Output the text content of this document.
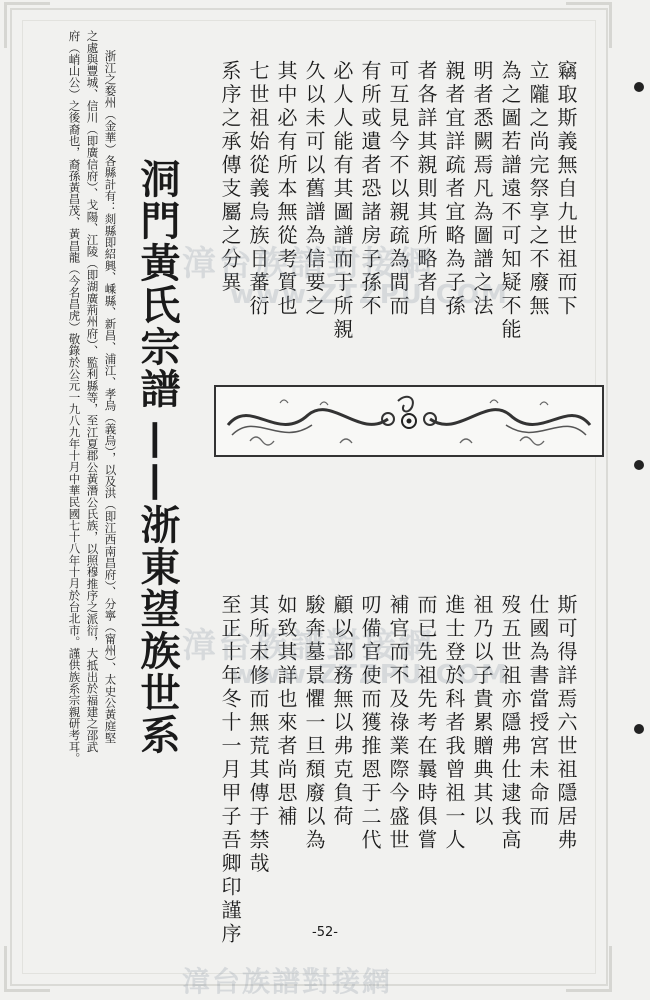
竊取斯義無自九世祖而下
立隴之尚完祭享之不廢無
為之圖若譜遠不可知疑不能
明者悉闕焉凡為圖譜之法
親者宜詳疏者宜略為子孫
者各詳其親則其所略者自
可互見今不以親疏為間而
有所或遺者恐諸房子孫不
必人人能有其圖譜而于所親
久以未可以舊譜為信要之
其中必有所本無從考質也
七世祖始從義烏族日蕃衍
系序之承傳支屬之分異
斯可得詳焉六世祖隱居弗
仕國為書當授宮未命而
歿五世祖亦隱弗仕逮我高
祖乃以子貴累贈典其以
進士登於科者我曾祖一人
而已先祖先考在曩時俱嘗
補官而不及祿業際今盛世
叨備官使而獲推恩于二代
顧以部務無以弗克負荷
駿奔墓景懼一旦頹廢以為
如致其詳也來者尚思補
其所未修而無荒其傳于禁哉
至正十年冬十一月甲子吾卿印謹序
洞門黃氏宗譜
——浙東望族世系
浙江之婺州（金華）各縣計有：剡縣即紹興、嵊縣、新昌、浦江、孝烏（義烏），以及洪（即江西南昌府）、分寧（甯州）、太史公黃庭堅
之處與豐城、信川（即廣信府）、戈陽、江陵（即湖廣荊州府）、監利縣等，至江夏郡公黃潛公氏族，以照穆推序之派衍，大抵出於福建之邵武
府（峭山公）之後裔也，裔孫黃昌茂、黃昌龍（今名昌虎）敬錄於公元一九八九年十月中華民國七十八年十月於台北市。謹供族系宗親研考耳。
-52-
漳台族譜對接網
www.ZTZPU.COM
漳台族譜對接網
www.ZTZPU.COM
漳台族譜對接網
